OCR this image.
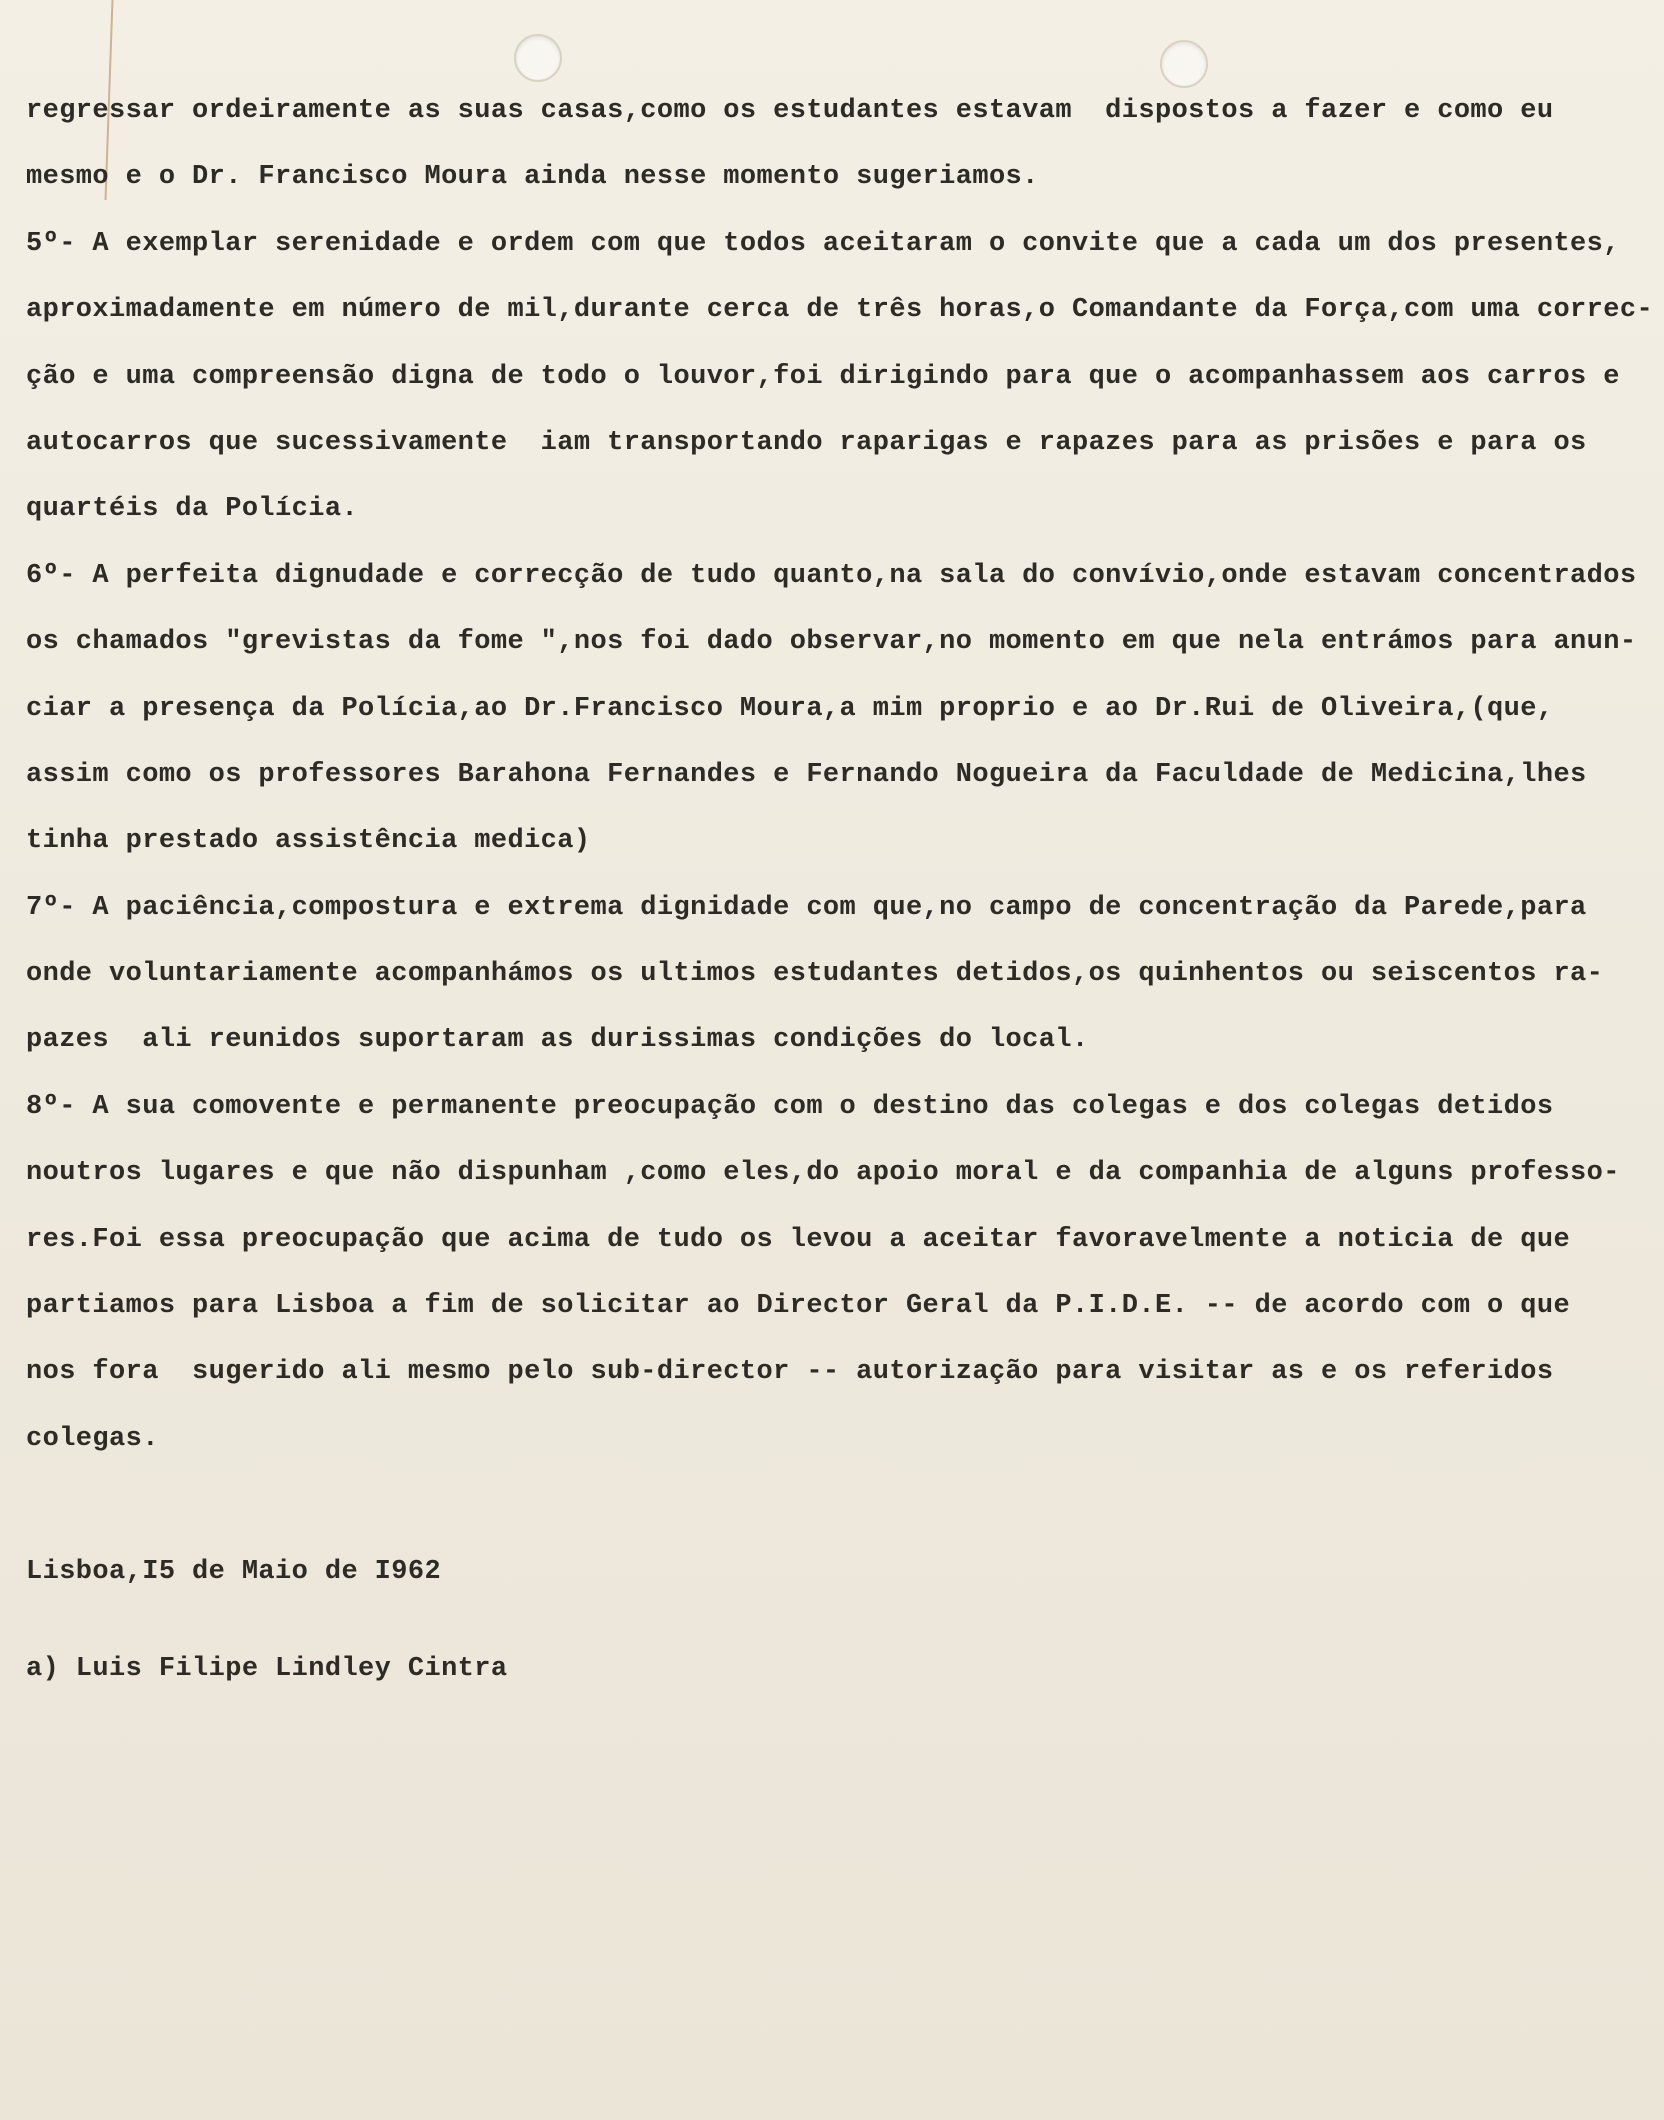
regressar ordeiramente as suas casas,como os estudantes estavam  dispostos a fazer e como eu
mesmo e o Dr. Francisco Moura ainda nesse momento sugeriamos.
5º- A exemplar serenidade e ordem com que todos aceitaram o convite que a cada um dos presentes,
aproximadamente em número de mil,durante cerca de três horas,o Comandante da Força,com uma correc-
ção e uma compreensão digna de todo o louvor,foi dirigindo para que o acompanhassem aos carros e
autocarros que sucessivamente  iam transportando raparigas e rapazes para as prisões e para os
quartéis da Polícia.
6º- A perfeita dignudade e correcção de tudo quanto,na sala do convívio,onde estavam concentrados
os chamados "grevistas da fome ",nos foi dado observar,no momento em que nela entrámos para anun-
ciar a presença da Polícia,ao Dr.Francisco Moura,a mim proprio e ao Dr.Rui de Oliveira,(que,
assim como os professores Barahona Fernandes e Fernando Nogueira da Faculdade de Medicina,lhes
tinha prestado assistência medica)
7º- A paciência,compostura e extrema dignidade com que,no campo de concentração da Parede,para
onde voluntariamente acompanhámos os ultimos estudantes detidos,os quinhentos ou seiscentos ra-
pazes  ali reunidos suportaram as durissimas condições do local.
8º- A sua comovente e permanente preocupação com o destino das colegas e dos colegas detidos
noutros lugares e que não dispunham ,como eles,do apoio moral e da companhia de alguns professo-
res.Foi essa preocupação que acima de tudo os levou a aceitar favoravelmente a noticia de que
partiamos para Lisboa a fim de solicitar ao Director Geral da P.I.D.E. -- de acordo com o que
nos fora  sugerido ali mesmo pelo sub-director -- autorização para visitar as e os referidos
colegas.
Lisboa,I5 de Maio de I962
a) Luis Filipe Lindley Cintra
